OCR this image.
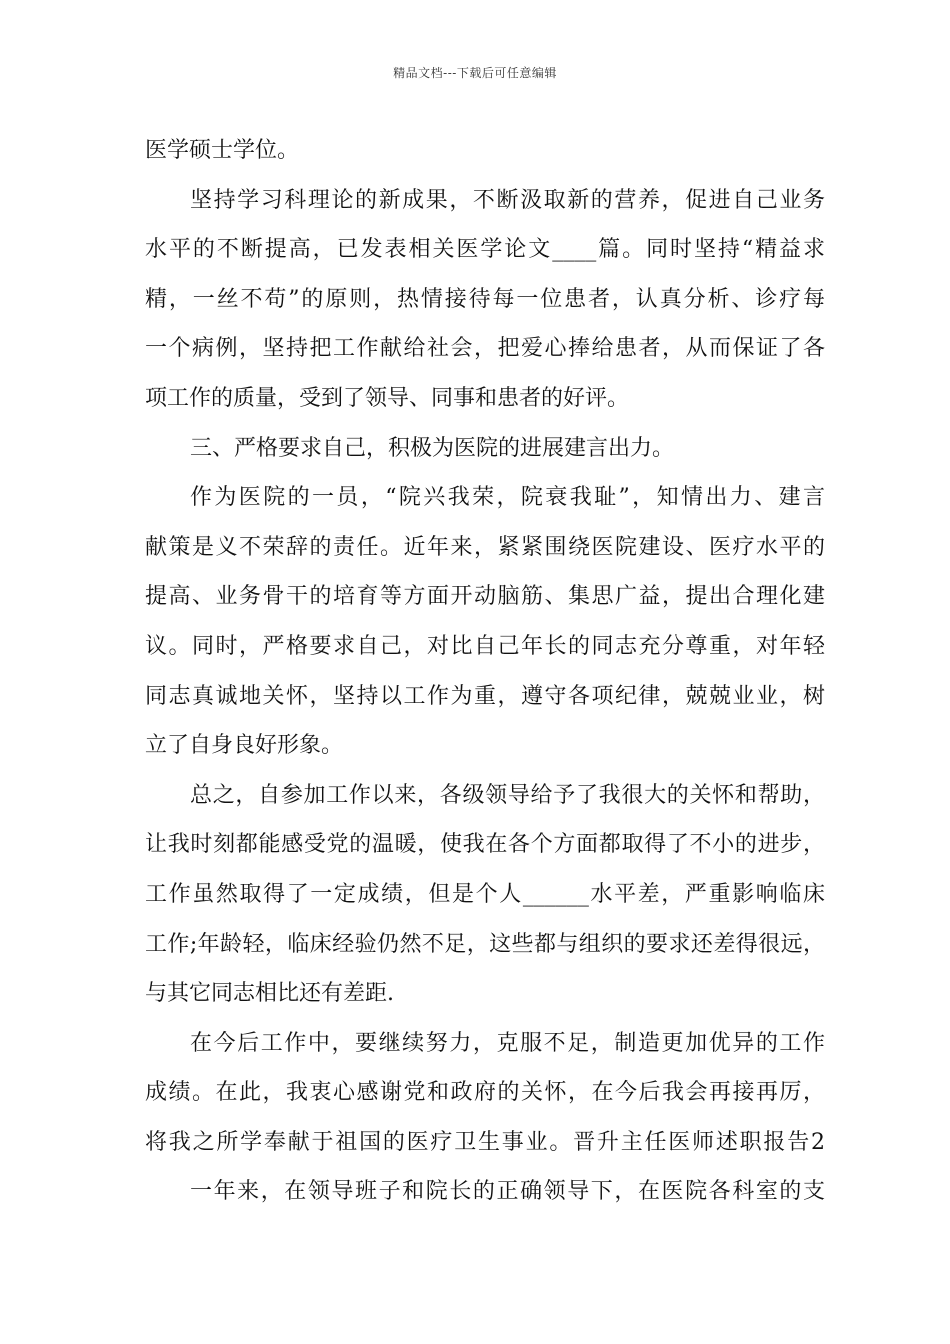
精品文档---下载后可任意编辑
医学硕士学位。
坚持学习科理论的新成果，不断汲取新的营养，促进自己业务
水平的不断提高，已发表相关医学论文____篇。同时坚持“精益求
精，一丝不苟”的原则，热情接待每一位患者，认真分析、诊疗每
一个病例，坚持把工作献给社会，把爱心捧给患者，从而保证了各
项工作的质量，受到了领导、同事和患者的好评。
三、严格要求自己，积极为医院的进展建言出力。
作为医院的一员，“院兴我荣，院衰我耻”，知情出力、建言
献策是义不荣辞的责任。近年来，紧紧围绕医院建设、医疗水平的
提高、业务骨干的培育等方面开动脑筋、集思广益，提出合理化建
议。同时，严格要求自己，对比自己年长的同志充分尊重，对年轻
同志真诚地关怀，坚持以工作为重，遵守各项纪律，兢兢业业，树
立了自身良好形象。
总之，自参加工作以来，各级领导给予了我很大的关怀和帮助，
让我时刻都能感受党的温暖，使我在各个方面都取得了不小的进步，
工作虽然取得了一定成绩，但是个人______水平差，严重影响临床
工作;年龄轻，临床经验仍然不足，这些都与组织的要求还差得很远，
与其它同志相比还有差距.
在今后工作中，要继续努力，克服不足，制造更加优异的工作
成绩。在此，我衷心感谢党和政府的关怀，在今后我会再接再厉，
将我之所学奉献于祖国的医疗卫生事业。晋升主任医师述职报告2
一年来，在领导班子和院长的正确领导下，在医院各科室的支
